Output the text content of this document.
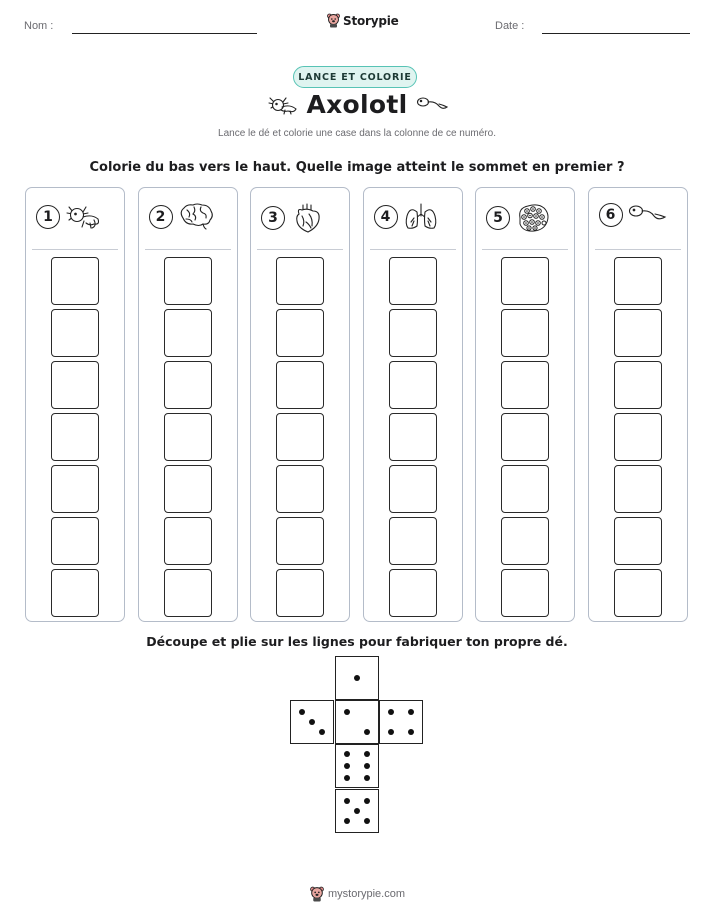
Nom :	Storypie	Date :
LANCE ET COLORIE
Axolotl
Lance le dé et colorie une case dans la colonne de ce numéro.
Colorie du bas vers le haut. Quelle image atteint le sommet en premier ?
1	2	3	4	5	6
Découpe et plie sur les lignes pour fabriquer ton propre dé.
mystorypie.com
